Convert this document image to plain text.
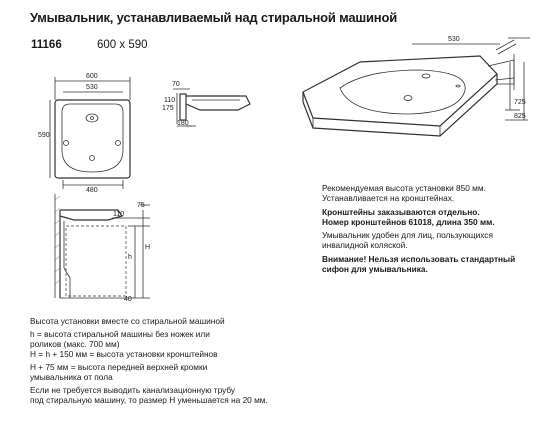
Умывальник, устанавливаемый над стиральной машиной
11166	600 x 590
600
530
590
480
70
110
175
180
530
725
825
75
110
h
H
40
Рекомендуемая высота установки 850 мм.
Устанавливается на кронштейнах.
Кронштейны заказываются отдельно.
Номер кронштейнов 61018, длина 350 мм.
Умывальник удобен для лиц, пользующихся
инвалидной коляской.
Внимание! Нельзя использовать стандартный
сифон для умывальника.
Высота установки вместе со стиральной машиной
h = высота стиральной машины без ножек или
роликов (макс. 700 мм)
H = h + 150 мм = высота установки кронштейнов
H + 75 мм = высота передней верхней кромки
умывальника от пола
Если не требуется выводить канализационную трубу
под стиральную машину, то размер H уменьшается на 20 мм.
